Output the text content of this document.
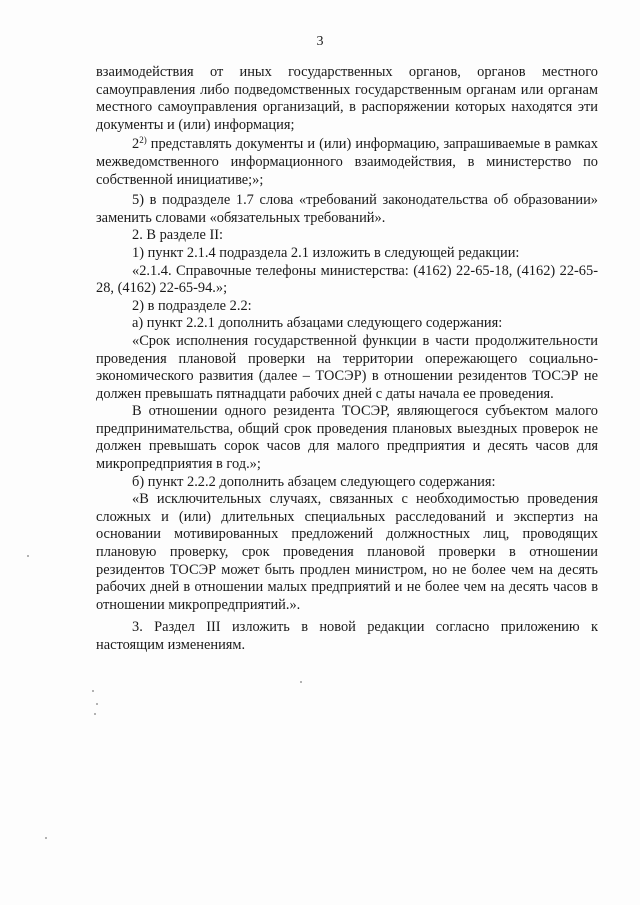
3

взаимодействия от иных государственных органов, органов местного самоуправления либо подведомственных государственным органам или органам местного самоуправления организаций, в распоряжении которых находятся эти документы и (или) информация;

2$^{2)}$ представлять документы и (или) информацию, запрашиваемые в рамках межведомственного информационного взаимодействия, в министерство по собственной инициативе;»;

5) в подразделе 1.7 слова «требований законодательства об образовании» заменить словами «обязательных требований».

2. В разделе II:

1) пункт 2.1.4 подраздела 2.1 изложить в следующей редакции:

«2.1.4. Справочные телефоны министерства: (4162) 22-65-18, (4162) 22-65-28, (4162) 22-65-94.»;

2) в подразделе 2.2:

а) пункт 2.2.1 дополнить абзацами следующего содержания:

«Срок исполнения государственной функции в части продолжительности проведения плановой проверки на территории опережающего социально-экономического развития (далее – ТОСЭР) в отношении резидентов ТОСЭР не должен превышать пятнадцати рабочих дней с даты начала ее проведения.

В отношении одного резидента ТОСЭР, являющегося субъектом малого предпринимательства, общий срок проведения плановых выездных проверок не должен превышать сорок часов для малого предприятия и десять часов для микропредприятия в год.»;

б) пункт 2.2.2 дополнить абзацем следующего содержания:

«В исключительных случаях, связанных с необходимостью проведения сложных и (или) длительных специальных расследований и экспертиз на основании мотивированных предложений должностных лиц, проводящих плановую проверку, срок проведения плановой проверки в отношении резидентов ТОСЭР может быть продлен министром, но не более чем на десять рабочих дней в отношении малых предприятий и не более чем на десять часов в отношении микропредприятий.».

3. Раздел III изложить в новой редакции согласно приложению к настоящим изменениям.
